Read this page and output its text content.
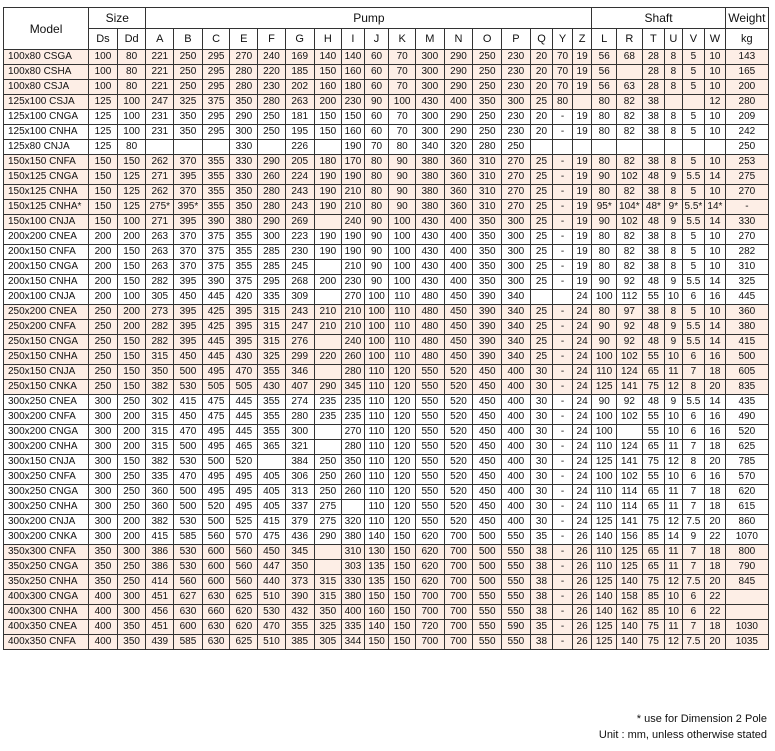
Model	Size		Pump																	Shaft						Weight
	Ds	Dd	A	B	C	E	F	G	H	I	J	K	M	N	O	P	Q	Y	Z	L	R	T	U	V	W	kg
100x80 CSGA	100	80	221	250	295	270	240	169	140	140	60	70	300	290	250	230	20	70	19	56	68	28	8	5	10	143
100x80 CSHA	100	80	221	250	295	280	220	185	150	160	60	70	300	290	250	230	20	70	19	56		28	8	5	10	165
100x80 CSJA	100	80	221	250	295	280	230	202	160	180	60	70	300	290	250	230	20	70	19	56	63	28	8	5	10	200
125x100 CSJA	125	100	247	325	375	350	280	263	200	230	90	100	430	400	350	300	25	80		80	82	38			12	280
125x100 CNGA	125	100	231	350	295	290	250	181	150	150	60	70	300	290	250	230	20	-	19	80	82	38	8	5	10	209
125x100 CNHA	125	100	231	350	295	300	250	195	150	160	60	70	300	290	250	230	20	-	19	80	82	38	8	5	10	242
125x80 CNJA	125	80				330		226		190	70	80	340	320	280	250										250
150x150 CNFA	150	150	262	370	355	330	290	205	180	170	80	90	380	360	310	270	25	-	19	80	82	38	8	5	10	253
150x125 CNGA	150	125	271	395	355	330	260	224	190	190	80	90	380	360	310	270	25	-	19	90	102	48	9	5.5	14	275
150x125 CNHA	150	125	262	370	355	350	280	243	190	210	80	90	380	360	310	270	25	-	19	80	82	38	8	5	10	270
150x125 CNHA*	150	125	275*	395*	355	350	280	243	190	210	80	90	380	360	310	270	25	-	19	95*	104*	48*	9*	5.5*	14*	-
150x100 CNJA	150	100	271	395	390	380	290	269		240	90	100	430	400	350	300	25	-	19	90	102	48	9	5.5	14	330
200x200 CNEA	200	200	263	370	375	355	300	223	190	190	90	100	430	400	350	300	25	-	19	80	82	38	8	5	10	270
200x150 CNFA	200	150	263	370	375	355	285	230	190	190	90	100	430	400	350	300	25	-	19	80	82	38	8	5	10	282
200x150 CNGA	200	150	263	370	375	355	285	245		210	90	100	430	400	350	300	25	-	19	80	82	38	8	5	10	310
200x150 CNHA	200	150	282	395	390	375	295	268	200	230	90	100	430	400	350	300	25	-	19	90	92	48	9	5.5	14	325
200x100 CNJA	200	100	305	450	445	420	335	309		270	100	110	480	450	390	340			24	100	112	55	10	6	16	445
250x200 CNEA	250	200	273	395	425	395	315	243	210	210	100	110	480	450	390	340	25	-	24	80	97	38	8	5	10	360
250x200 CNFA	250	200	282	395	425	395	315	247	210	210	100	110	480	450	390	340	25	-	24	90	92	48	9	5.5	14	380
250x150 CNGA	250	150	282	395	445	395	315	276		240	100	110	480	450	390	340	25	-	24	90	92	48	9	5.5	14	415
250x150 CNHA	250	150	315	450	445	430	325	299	220	260	100	110	480	450	390	340	25	-	24	100	102	55	10	6	16	500
250x150 CNJA	250	150	350	500	495	470	355	346		280	110	120	550	520	450	400	30	-	24	110	124	65	11	7	18	605
250x150 CNKA	250	150	382	530	505	505	430	407	290	345	110	120	550	520	450	400	30	-	24	125	141	75	12	8	20	835
300x250 CNEA	300	250	302	415	475	445	355	274	235	235	110	120	550	520	450	400	30	-	24	90	92	48	9	5.5	14	435
300x200 CNFA	300	200	315	450	475	445	355	280	235	235	110	120	550	520	450	400	30	-	24	100	102	55	10	6	16	490
300x200 CNGA	300	200	315	470	495	445	355	300		270	110	120	550	520	450	400	30	-	24	100		55	10	6	16	520
300x200 CNHA	300	200	315	500	495	465	365	321		280	110	120	550	520	450	400	30	-	24	110	124	65	11	7	18	625
300x150 CNJA	300	150	382	530	500	520		384	250	350	110	120	550	520	450	400	30	-	24	125	141	75	12	8	20	785
300x250 CNFA	300	250	335	470	495	495	405	306	250	260	110	120	550	520	450	400	30	-	24	100	102	55	10	6	16	570
300x250 CNGA	300	250	360	500	495	495	405	313	250	260	110	120	550	520	450	400	30	-	24	110	114	65	11	7	18	620
300x250 CNHA	300	250	360	500	520	495	405	337	275		110	120	550	520	450	400	30	-	24	110	114	65	11	7	18	615
300x200 CNJA	300	200	382	530	500	525	415	379	275	320	110	120	550	520	450	400	30	-	24	125	141	75	12	7.5	20	860
300x200 CNKA	300	200	415	585	560	570	475	436	290	380	140	150	620	700	500	550	35	-	26	140	156	85	14	9	22	1070
350x300 CNFA	350	300	386	530	600	560	450	345		310	130	150	620	700	500	550	38	-	26	110	125	65	11	7	18	800
350x250 CNGA	350	250	386	530	600	560	447	350		303	135	150	620	700	500	550	38	-	26	110	125	65	11	7	18	790
350x250 CNHA	350	250	414	560	600	560	440	373	315	330	135	150	620	700	500	550	38	-	26	125	140	75	12	7.5	20	845
400x300 CNGA	400	300	451	627	630	625	510	390	315	380	150	150	700	700	550	550	38	-	26	140	158	85	10	6	22	
400x300 CNHA	400	300	456	630	660	620	530	432	350	400	160	150	700	700	550	550	38	-	26	140	162	85	10	6	22	
400x350 CNEA	400	350	451	600	630	620	470	355	325	335	140	150	720	700	550	590	35	-	26	125	140	75	11	7	18	1030
400x350 CNFA	400	350	439	585	630	625	510	385	305	344	150	150	700	700	550	550	38	-	26	125	140	75	12	7.5	20	1035
* use for Dimension 2 Pole
Unit : mm, unless otherwise stated
